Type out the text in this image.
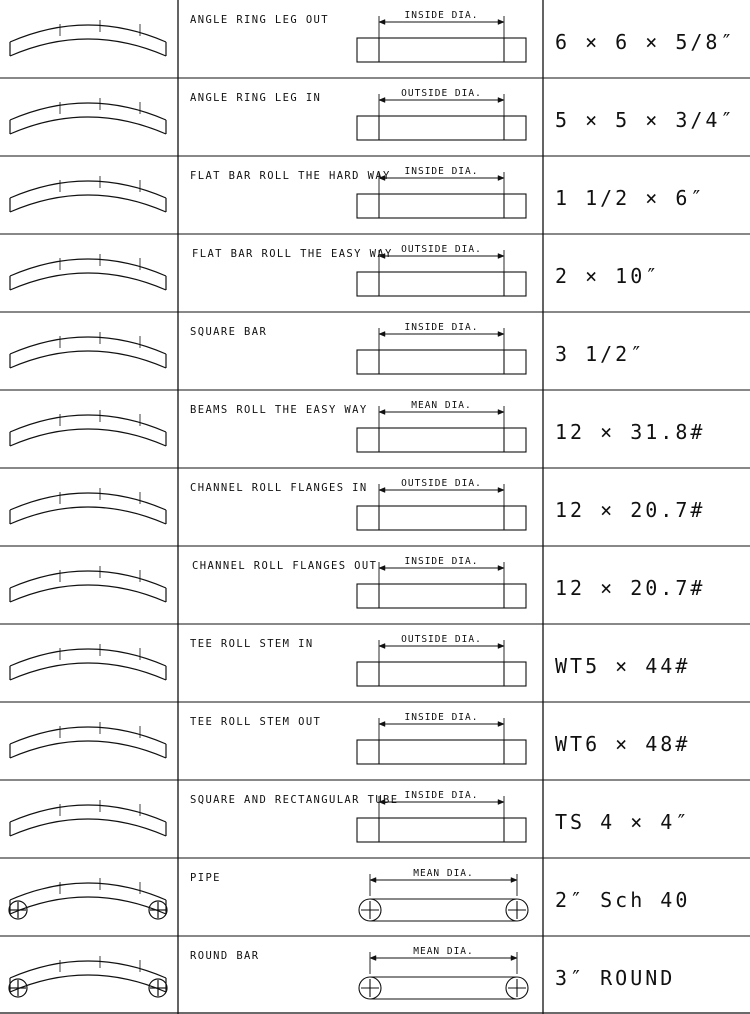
INSIDE DIA.
OUTSIDE DIA.
INSIDE DIA.
OUTSIDE DIA.
INSIDE DIA.
MEAN DIA.
OUTSIDE DIA.
INSIDE DIA.
OUTSIDE DIA.
INSIDE DIA.
INSIDE DIA.
MEAN DIA.
MEAN DIA.
ANGLE RING LEG OUT
6 × 6 × 5/8″
ANGLE RING LEG IN
5 × 5 × 3/4″
FLAT BAR ROLL THE HARD WAY
1 1/2 × 6″
FLAT BAR ROLL THE EASY WAY
2 × 10″
SQUARE BAR
3 1/2″
BEAMS ROLL THE EASY WAY
12 × 31.8#
CHANNEL ROLL FLANGES IN
12 × 20.7#
CHANNEL ROLL FLANGES OUT
12 × 20.7#
TEE ROLL STEM IN
WT5 × 44#
TEE ROLL STEM OUT
WT6 × 48#
SQUARE AND RECTANGULAR TUBE
TS 4 × 4″
PIPE
2″ Sch 40
ROUND BAR
3″ ROUND
